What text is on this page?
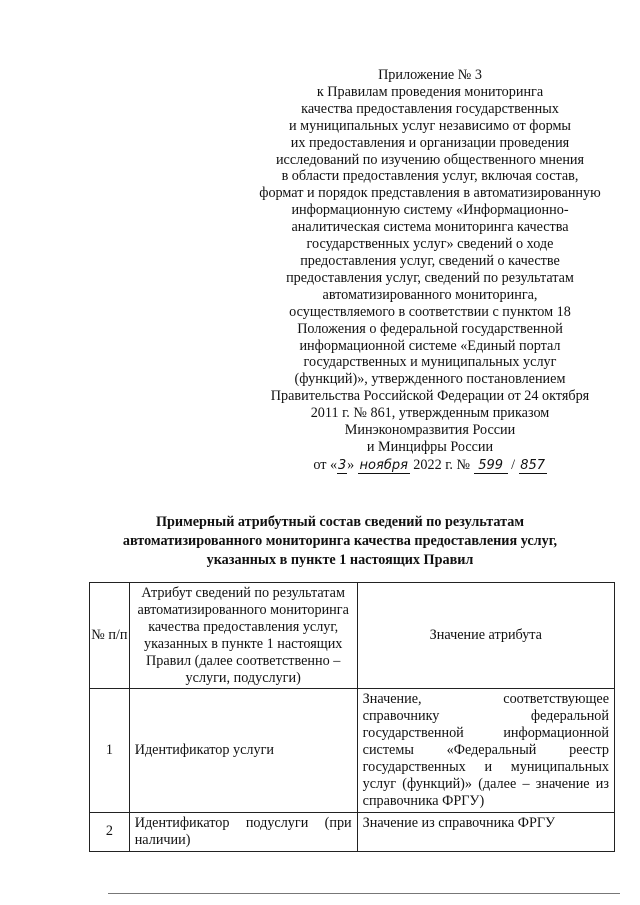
Приложение № 3
к Правилам проведения мониторинга
качества предоставления государственных
и муниципальных услуг независимо от формы
их предоставления и организации проведения
исследований по изучению общественного мнения
в области предоставления услуг, включая состав,
формат и порядок представления в автоматизированную
информационную систему «Информационно-
аналитическая система мониторинга качества
государственных услуг» сведений о ходе
предоставления услуг, сведений о качестве
предоставления услуг, сведений по результатам
автоматизированного мониторинга,
осуществляемого в соответствии с пунктом 18
Положения о федеральной государственной
информационной системе «Единый портал
государственных и муниципальных услуг
(функций)», утвержденного постановлением
Правительства Российской Федерации от 24 октября
2011 г. № 861, утвержденным приказом
Минэкономразвития России
и Минцифры России
от «3» ноября 2022 г. № 599 / 857
Примерный атрибутный состав сведений по результатам
автоматизированного мониторинга качества предоставления услуг,
указанных в пункте 1 настоящих Правил
№ п/п	Атрибут сведений по результатам автоматизированного мониторинга качества предоставления услуг, указанных в пункте 1 настоящих Правил (далее соответственно – услуги, подуслуги)	Значение атрибута
1	Идентификатор услуги	Значение, соответствующее справочнику федеральной государственной информационной системы «Федеральный реестр государственных и муниципальных услуг (функций)» (далее – значение из справочника ФРГУ)
2	Идентификатор подуслуги (при наличии)	Значение из справочника ФРГУ
